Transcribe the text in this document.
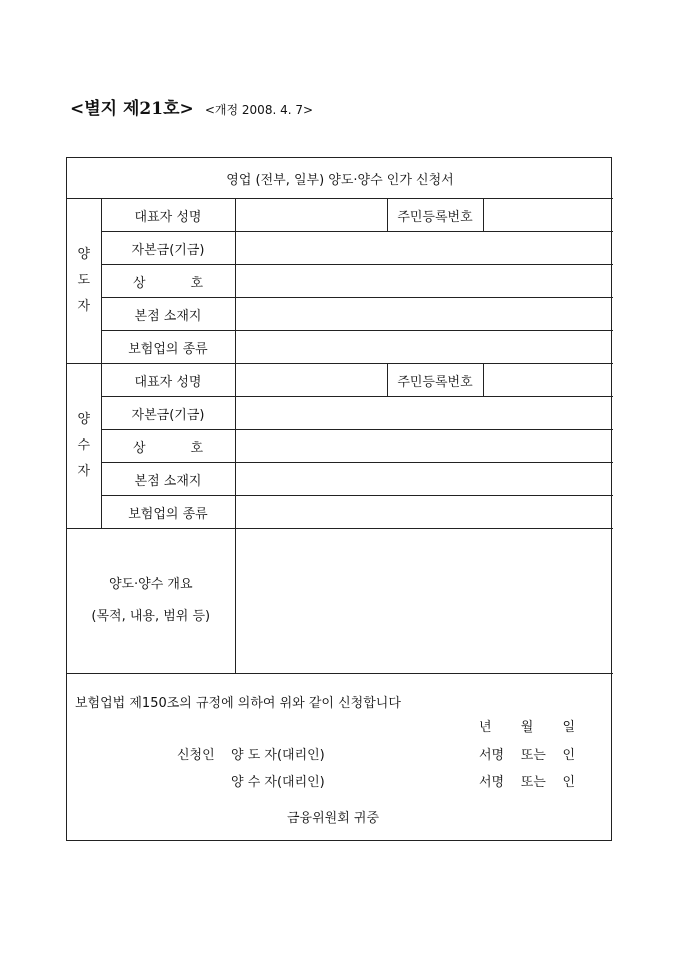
<별지 제21호> <개정 2008. 4. 7>
영업 (전부, 일부) 양도·양수 인가 신청서				

양
도
자	대표자 성명		주민등록번호	
	자본금(기금)			

	상 호			

	본점 소재지			
	보험업의 종류			

양
수
자	대표자 성명		주민등록번호	
	자본금(기금)			

	상 호			

	본점 소재지			
	보험업의 종류			

양도·양수 개요
(목적, 내용, 범위 등)				

보험업법 제150조의 규정에 의하여 위와 같이 신청합니다
년 월 일
신청인 양 도 자(대리인)	서명 또는 인
양 수 자(대리인)	서명 또는 인
금융위원회 귀중
